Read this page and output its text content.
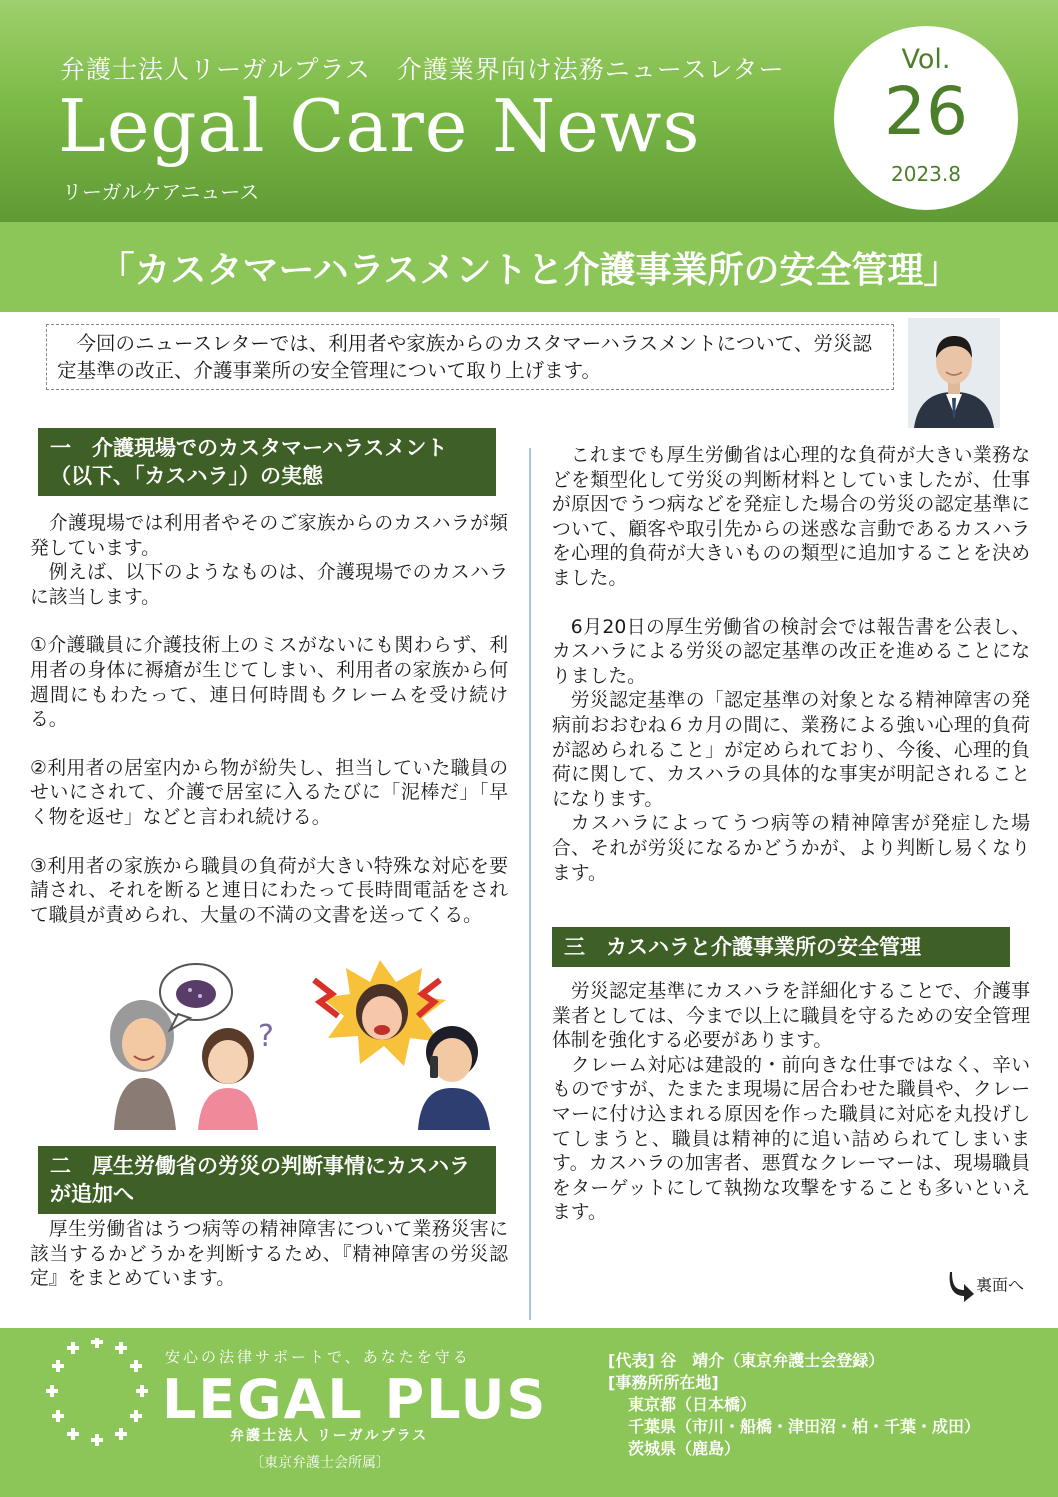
弁護士法人リーガルプラス　介護業界向け法務ニュースレター
Legal Care News
リーガルケアニュース
Vol.
26
2023.8
「カスタマーハラスメントと介護事業所の安全管理」
　今回のニュースレターでは、利用者や家族からのカスタマーハラスメントについて、労災認定基準の改正、介護事業所の安全管理について取り上げます。
一　介護現場でのカスタマーハラスメント（以下、「カスハラ」）の実態

介護現場では利用者やそのご家族からのカスハラが頻発しています。

例えば、以下のようなものは、介護現場でのカスハラに該当します。

①介護職員に介護技術上のミスがないにも関わらず、利用者の身体に褥瘡が生じてしまい、利用者の家族から何週間にもわたって、連日何時間もクレームを受け続ける。

②利用者の居室内から物が紛失し、担当していた職員のせいにされて、介護で居室に入るたびに「泥棒だ」「早く物を返せ」などと言われ続ける。

③利用者の家族から職員の負荷が大きい特殊な対応を要請され、それを断ると連日にわたって長時間電話をされて職員が責められ、大量の不満の文書を送ってくる。

?
二　厚生労働省の労災の判断事情にカスハラが追加へ

厚生労働省はうつ病等の精神障害について業務災害に該当するかどうかを判断するため、『精神障害の労災認定』をまとめています。

これまでも厚生労働省は心理的な負荷が大きい業務などを類型化して労災の判断材料としていましたが、仕事が原因でうつ病などを発症した場合の労災の認定基準について、顧客や取引先からの迷惑な言動であるカスハラを心理的負荷が大きいものの類型に追加することを決めました。

6月20日の厚生労働省の検討会では報告書を公表し、カスハラによる労災の認定基準の改正を進めることになりました。

労災認定基準の「認定基準の対象となる精神障害の発病前おおむね６カ月の間に、業務による強い心理的負荷が認められること」が定められており、今後、心理的負荷に関して、カスハラの具体的な事実が明記されることになります。

カスハラによってうつ病等の精神障害が発症した場合、それが労災になるかどうかが、より判断し易くなります。

三　カスハラと介護事業所の安全管理

労災認定基準にカスハラを詳細化することで、介護事業者としては、今まで以上に職員を守るための安全管理体制を強化する必要があります。

クレーム対応は建設的・前向きな仕事ではなく、辛いものですが、たまたま現場に居合わせた職員や、クレーマーに付け込まれる原因を作った職員に対応を丸投げしてしまうと、職員は精神的に追い詰められてしまいます。カスハラの加害者、悪質なクレーマーは、現場職員をターゲットにして執拗な攻撃をすることも多いといえます。

裏面へ
安心の法律サポートで、あなたを守る
LEGAL PLUS
弁護士法人 リーガルプラス
〔東京弁護士会所属〕
[代表] 谷　靖介（東京弁護士会登録）
[事務所所在地]
東京都（日本橋）
千葉県（市川・船橋・津田沼・柏・千葉・成田）
茨城県（鹿島）
